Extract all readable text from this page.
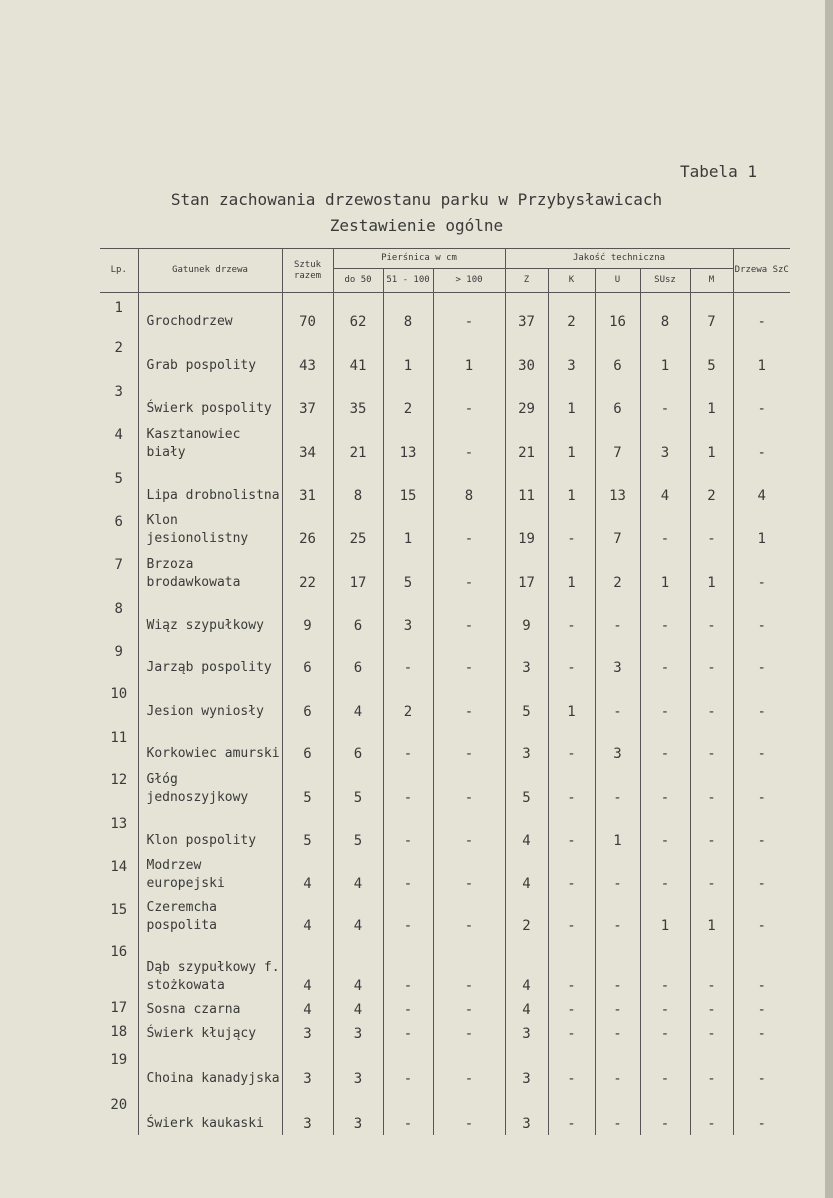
Tabela 1
Stan zachowania drzewostanu parku w Przybysławicach
Zestawienie ogólne
Lp.	Gatunek drzewa	Sztuk razem	Pierśnica w cm			Jakość techniczna					Drzewa SzC
			do 50	51 - 100	> 100	Z	K	U	SUsz	M	
1	Grochodrzew	70	62	8	-	37	2	16	8	7	-
2	Grab pospolity	43	41	1	1	30	3	6	1	5	1
3	Świerk pospolity	37	35	2	-	29	1	6	-	1	-
4	Kasztanowiec biały	34	21	13	-	21	1	7	3	1	-
5	Lipa drobnolistna	31	8	15	8	11	1	13	4	2	4
6	Klon jesionolistny	26	25	1	-	19	-	7	-	-	1
7	Brzoza brodawkowata	22	17	5	-	17	1	2	1	1	-
8	Wiąz szypułkowy	9	6	3	-	9	-	-	-	-	-
9	Jarząb pospolity	6	6	-	-	3	-	3	-	-	-
10	Jesion wyniosły	6	4	2	-	5	1	-	-	-	-
11	Korkowiec amurski	6	6	-	-	3	-	3	-	-	-
12	Głóg jednoszyjkowy	5	5	-	-	5	-	-	-	-	-
13	Klon pospolity	5	5	-	-	4	-	1	-	-	-
14	Modrzew europejski	4	4	-	-	4	-	-	-	-	-
15	Czeremcha pospolita	4	4	-	-	2	-	-	1	1	-
16	Dąb szypułkowy f. stożkowata	4	4	-	-	4	-	-	-	-	-
17	Sosna czarna	4	4	-	-	4	-	-	-	-	-
18	Świerk kłujący	3	3	-	-	3	-	-	-	-	-
19	Choina kanadyjska	3	3	-	-	3	-	-	-	-	-
20	Świerk kaukaski	3	3	-	-	3	-	-	-	-	-
